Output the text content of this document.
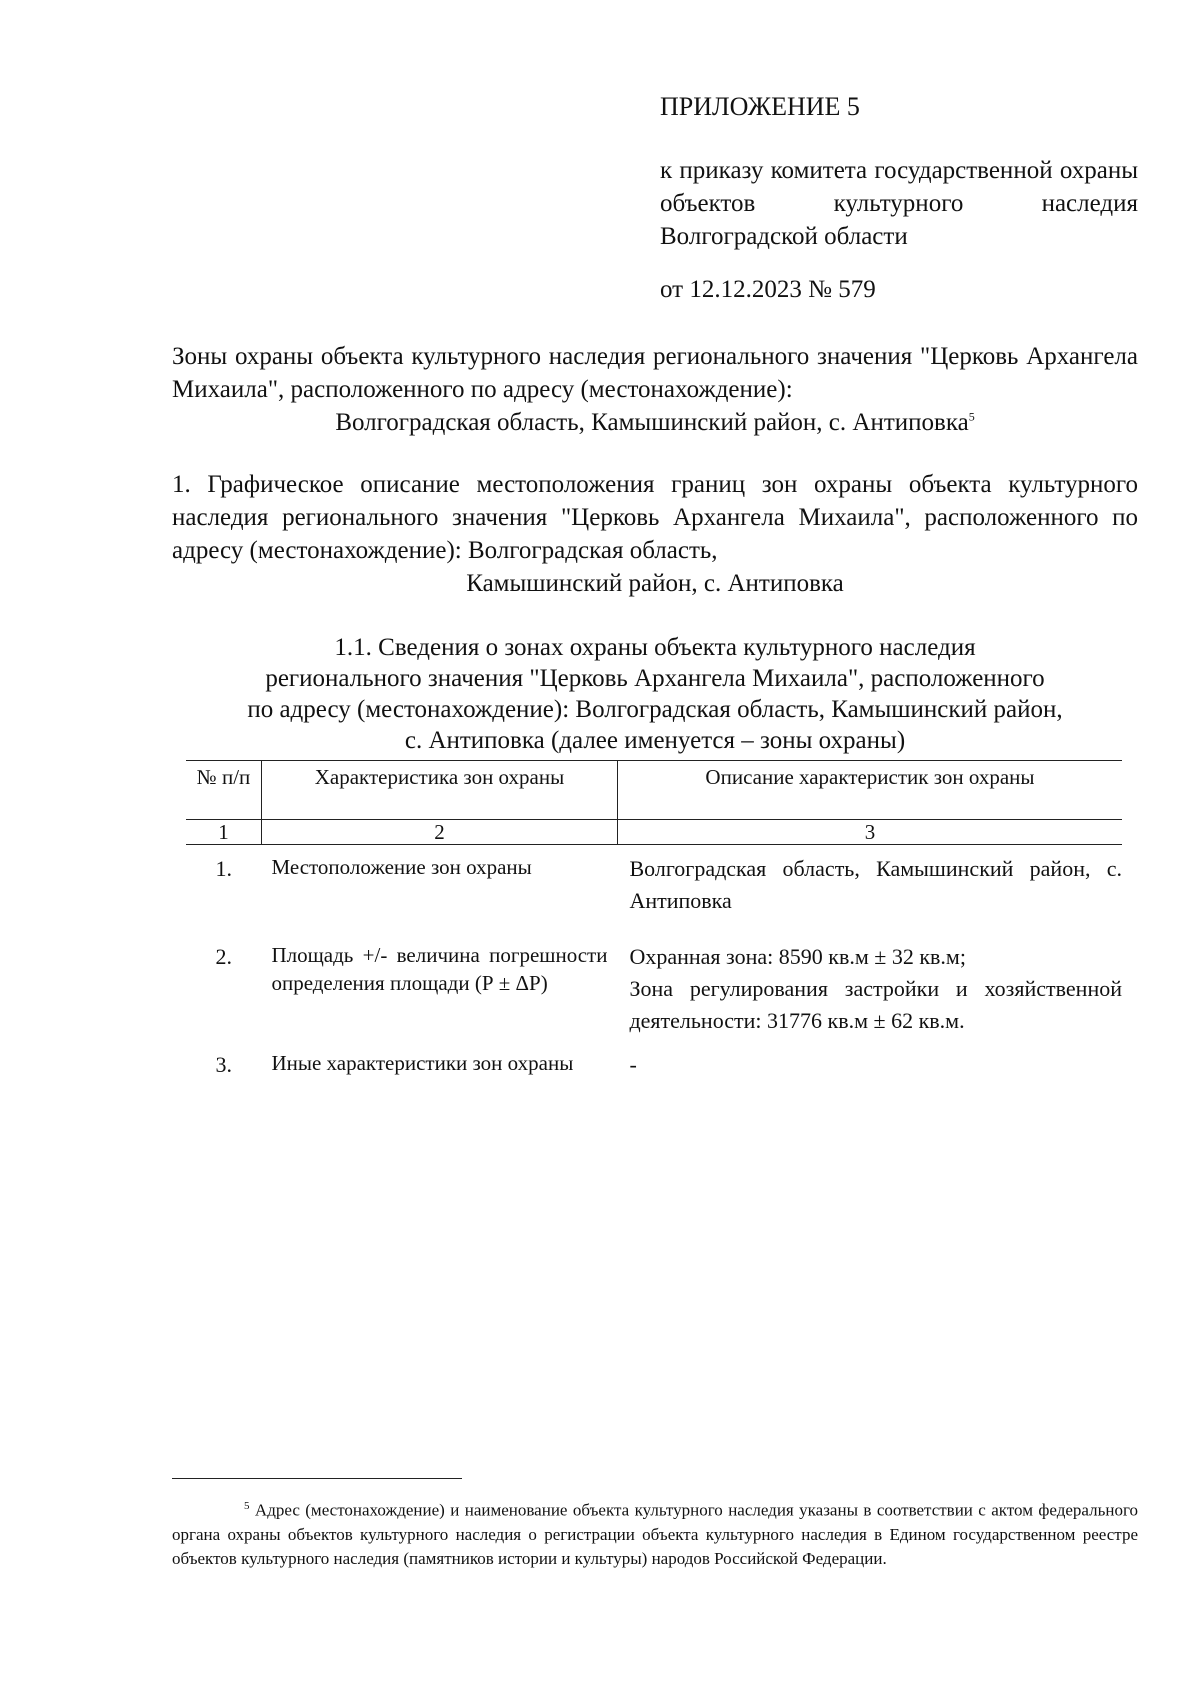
ПРИЛОЖЕНИЕ 5
к приказу комитета государственной охраны объектов культурного наследия Волгоградской области
от 12.12.2023 № 579
Зоны охраны объекта культурного наследия регионального значения "Церковь Архангела Михаила", расположенного по адресу (местонахождение):
Волгоградская область, Камышинский район, с. Антиповка$^5$
1. Графическое описание местоположения границ зон охраны объекта культурного наследия регионального значения "Церковь Архангела Михаила", расположенного по адресу (местонахождение): Волгоградская область,
Камышинский район, с. Антиповка
1.1. Сведения о зонах охраны объекта культурного наследия
регионального значения "Церковь Архангела Михаила", расположенного
по адресу (местонахождение): Волгоградская область, Камышинский район,
с. Антиповка (далее именуется – зоны охраны)
№ п/п	Характеристика зон охраны	Описание характеристик зон охраны
1	2	3
1.	Местоположение зон охраны	Волгоградская область, Камышинский район, с. Антиповка
2.	Площадь +/- величина погрешности определения площади (Р ± ΔР)	Охранная зона: 8590 кв.м ± 32 кв.м;
Зона регулирования застройки и хозяйственной деятельности: 31776 кв.м ± 62 кв.м.

3.	Иные характеристики зон охраны	-
$^5$ Адрес (местонахождение) и наименование объекта культурного наследия указаны в соответствии с актом федерального органа охраны объектов культурного наследия о регистрации объекта культурного наследия в Едином государственном реестре объектов культурного наследия (памятников истории и культуры) народов Российской Федерации.
